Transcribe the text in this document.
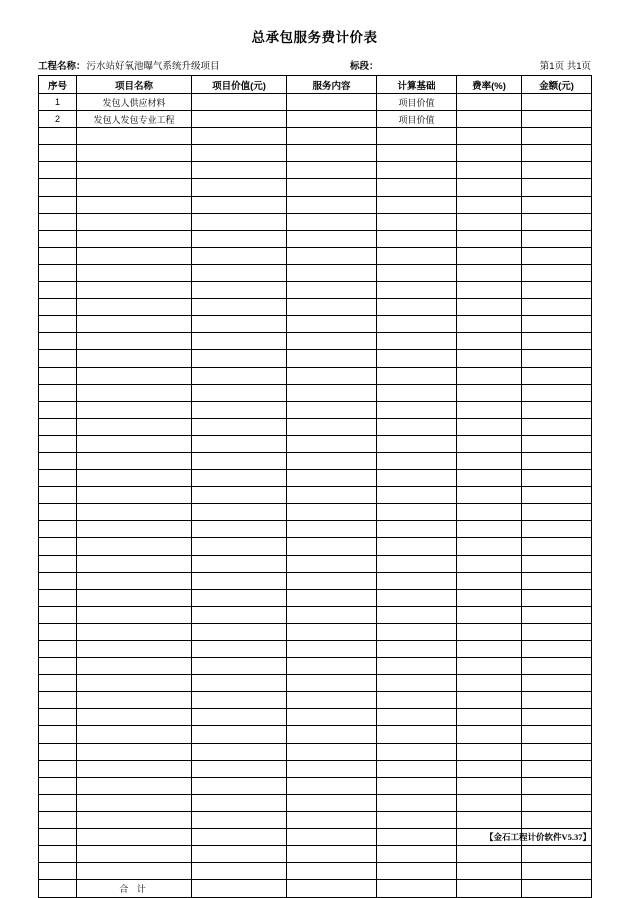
总承包服务费计价表
工程名称： 污水站好氧池曝气系统升级项目	标段：	第1页 共1页
序号	项目名称	项目价值(元)	服务内容	计算基础	费率(%)	金额(元)
1	发包人供应材料			项目价值		
2	发包人发包专业工程			项目价值		

	合 计					
【金石工程计价软件V5.37】
